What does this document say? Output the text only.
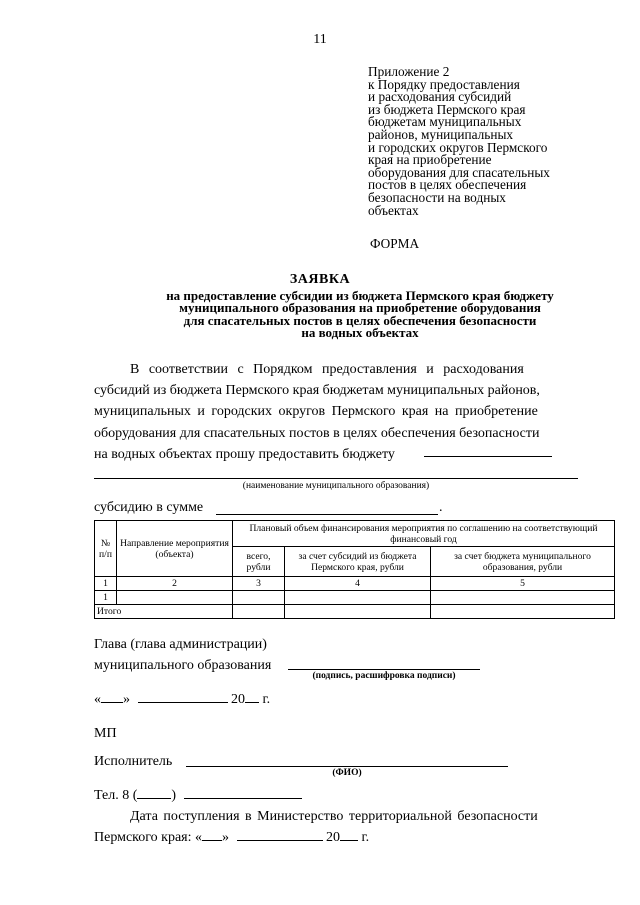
11
Приложение 2
к Порядку предоставления
и расходования субсидий
из бюджета Пермского края
бюджетам муниципальных
районов, муниципальных
и городских округов Пермского
края на приобретение
оборудования для спасательных
постов в целях обеспечения
безопасности на водных
объектах
ФОРМА
ЗАЯВКА
на предоставление субсидии из бюджета Пермского края бюджету
муниципального образования на приобретение оборудования
для спасательных постов в целях обеспечения безопасности
на водных объектах
В соответствии с Порядком предоставления и расходования
субсидий из бюджета Пермского края бюджетам муниципальных районов,
муниципальных и городских округов Пермского края на приобретение
оборудования для спасательных постов в целях обеспечения безопасности
на водных объектах прошу предоставить бюджету
(наименование муниципального образования)
субсидию в сумме	.
№ п/п	Направление мероприятия (объекта)	Плановый объем финансирования мероприятия по соглашению на соответствующий финансовый год		
		всего, рубли	за счет субсидий из бюджета Пермского края, рубли	за счет бюджета муниципального образования, рубли
1	2	3	4	5
1				
Итого				
Глава (глава администрации)
муниципального образования
(подпись, расшифровка подписи)
« »	20 г.
МП
Исполнитель
(ФИО)
Тел. 8 ( )
Дата поступления в Министерство территориальной безопасности
Пермского края: « »	20 г.
